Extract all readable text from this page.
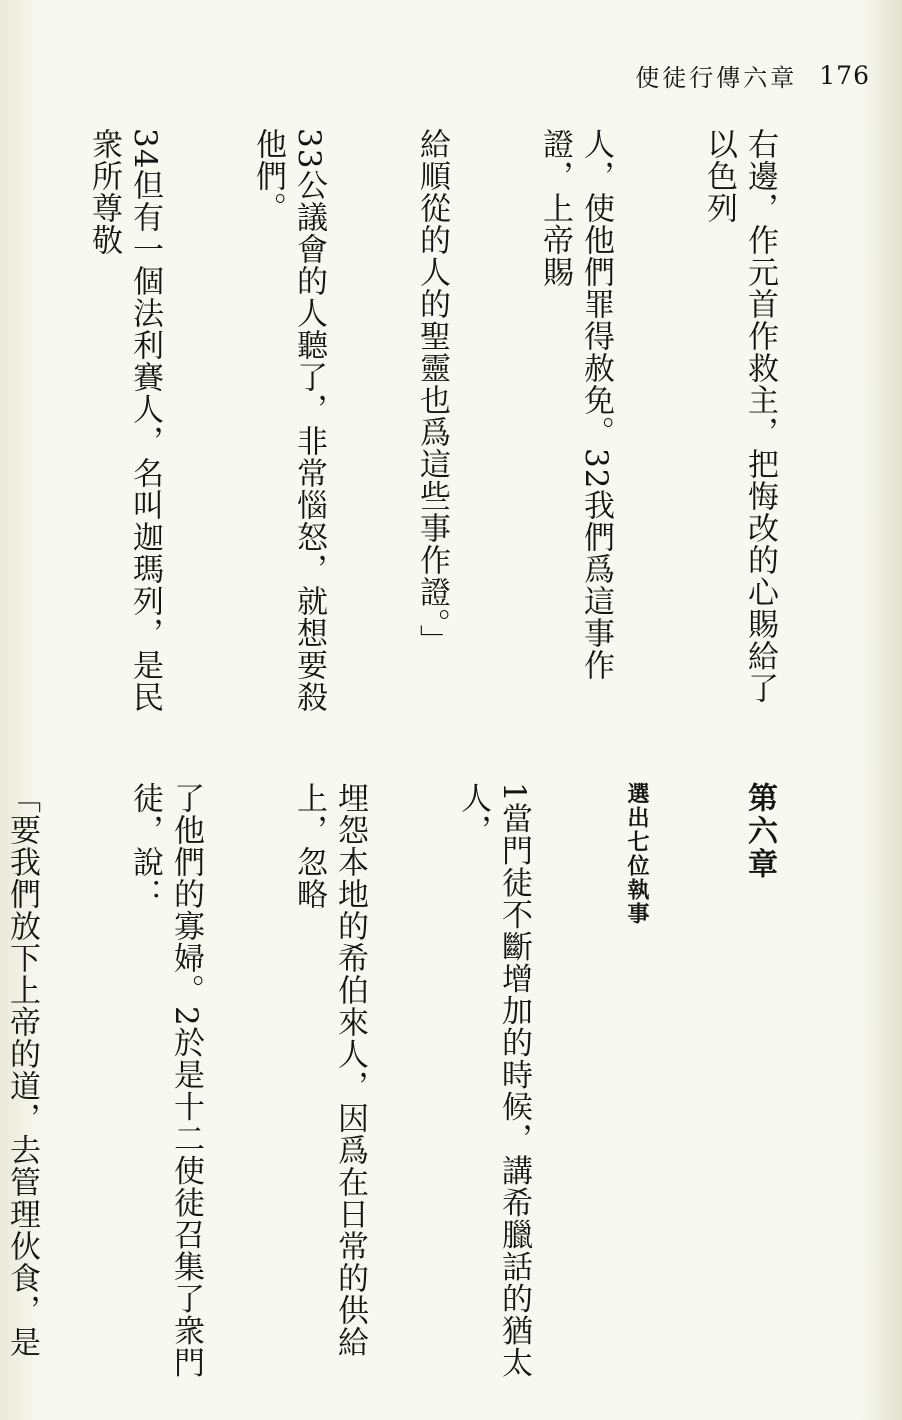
使徒行傳六章 176

右邊，作元首作救主，把悔改的心賜給了以色列

人，使他們罪得赦免。32我們爲這事作證，上帝賜

給順從的人的聖靈也爲這些事作證。」

33公議會的人聽了，非常惱怒，就想要殺他們。

34但有一個法利賽人，名叫迦瑪列，是民衆所尊敬

第六章

選出七位執事

1當門徒不斷增加的時候，講希臘話的猶太人，

埋怨本地的希伯來人，因爲在日常的供給上，忽略

了他們的寡婦。2於是十二使徒召集了衆門徒，說：

「要我們放下上帝的道，去管理伙食，是
